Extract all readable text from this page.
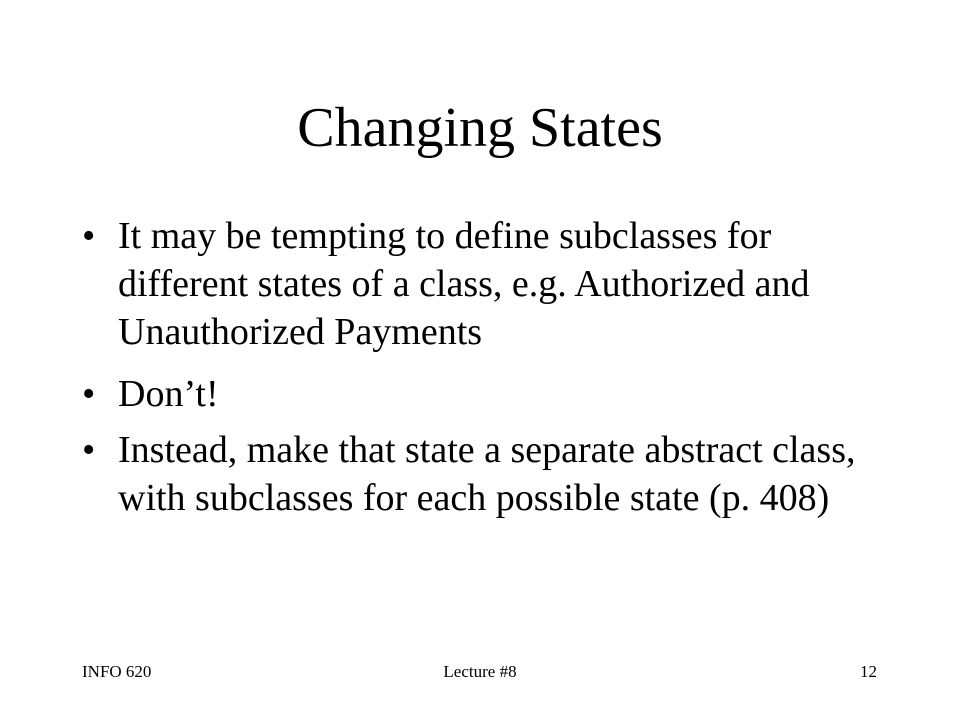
Changing States
• It may be tempting to define subclasses for different states of a class, e.g. Authorized and Unauthorized Payments
• Don’t!
• Instead, make that state a separate abstract class, with subclasses for each possible state (p. 408)
INFO 620	Lecture #8	12
